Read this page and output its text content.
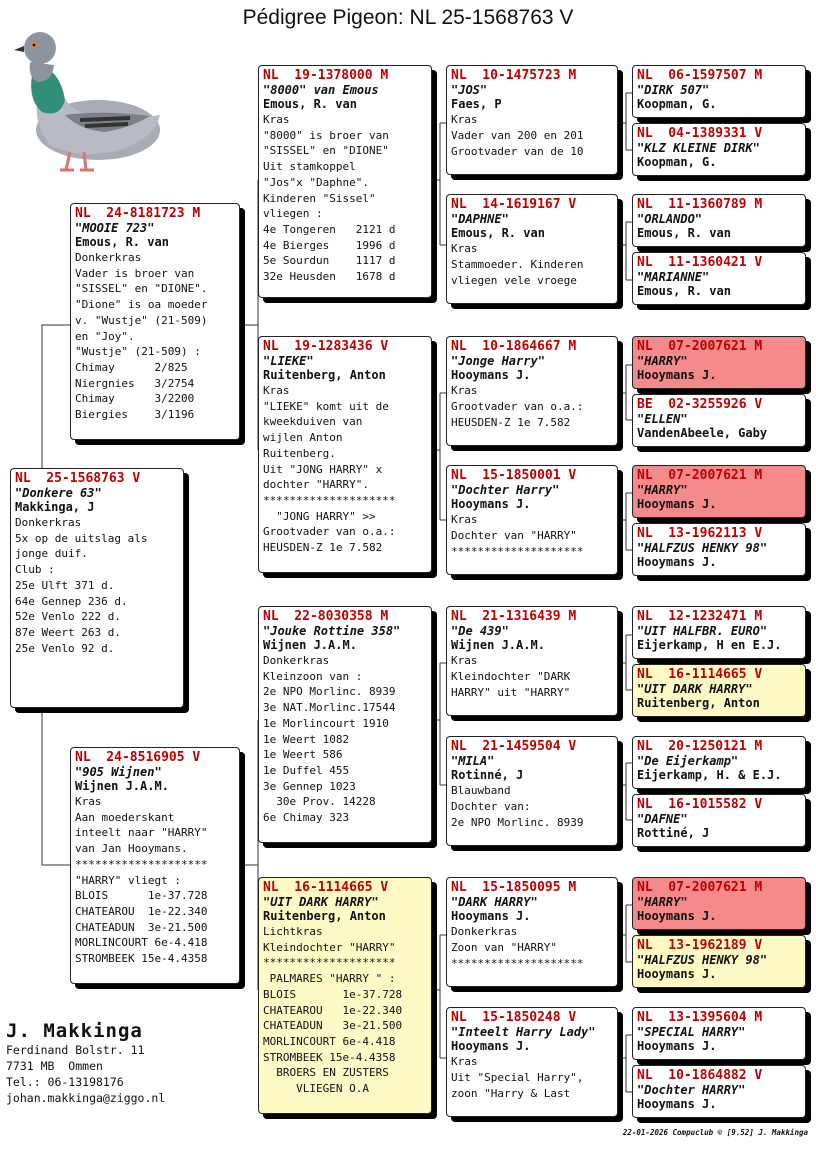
Pédigree Pigeon: NL 25-1568763 V
NL  25-1568763 V
"Donkere 63"
Makkinga, J
Donkerkras
5x op de uitslag als
jonge duif.
Club :
25e Ulft 371 d.
64e Gennep 236 d.
52e Venlo 222 d.
87e Weert 263 d.
25e Venlo 92 d.
NL  24-8181723 M
"MOOIE 723"
Emous, R. van
Donkerkras
Vader is broer van
"SISSEL" en "DIONE".
"Dione" is oa moeder
v. "Wustje" (21-509)
en "Joy".
"Wustje" (21-509) :
Chimay      2/825
Niergnies   3/2754
Chimay      3/2200
Biergies    3/1196
NL  24-8516905 V
"905 Wijnen"
Wijnen J.A.M.
Kras
Aan moederskant
inteelt naar "HARRY"
van Jan Hooymans.
********************
"HARRY" vliegt :
BLOIS      1e-37.728
CHATEAROU  1e-22.340
CHATEADUN  3e-21.500
MORLINCOURT 6e-4.418
STROMBEEK 15e-4.4358
NL  19-1378000 M
"8000" van Emous
Emous, R. van
Kras
"8000" is broer van
"SISSEL" en "DIONE"
Uit stamkoppel
"Jos"x "Daphne".
Kinderen "Sissel"
vliegen :
4e Tongeren   2121 d
4e Bierges    1996 d
5e Sourdun    1117 d
32e Heusden   1678 d
NL  19-1283436 V
"LIEKE"
Ruitenberg, Anton
Kras
"LIEKE" komt uit de
kweekduiven van
wijlen Anton
Ruitenberg.
Uit "JONG HARRY" x
dochter "HARRY".
********************
"JONG HARRY" >>
Grootvader van o.a.:
HEUSDEN-Z 1e 7.582
NL  22-8030358 M
"Jouke Rottine 358"
Wijnen J.A.M.
Donkerkras
Kleinzoon van :
2e NPO Morlinc. 8939
3e NAT.Morlinc.17544
1e Morlincourt 1910
1e Weert 1082
1e Weert 586
1e Duffel 455
3e Gennep 1023
30e Prov. 14228
6e Chimay 323
NL  16-1114665 V
"UIT DARK HARRY"
Ruitenberg, Anton
Lichtkras
Kleindochter "HARRY"
********************
PALMARES "HARRY " :
BLOIS       1e-37.728
CHATEAROU   1e-22.340
CHATEADUN   3e-21.500
MORLINCOURT 6e-4.418
STROMBEEK 15e-4.4358
BROERS EN ZUSTERS
VLIEGEN O.A
NL  10-1475723 M
"JOS"
Faes, P
Kras
Vader van 200 en 201
Grootvader van de 10
NL  14-1619167 V
"DAPHNE"
Emous, R. van
Kras
Stammoeder. Kinderen
vliegen vele vroege
NL  10-1864667 M
"Jonge Harry"
Hooymans J.
Kras
Grootvader van o.a.:
HEUSDEN-Z 1e 7.582
NL  15-1850001 V
"Dochter Harry"
Hooymans J.
Kras
Dochter van "HARRY"
********************
NL  21-1316439 M
"De 439"
Wijnen J.A.M.
Kras
Kleindochter "DARK
HARRY" uit "HARRY"
NL  21-1459504 V
"MILA"
Rotinné, J
Blauwband
Dochter van:
2e NPO Morlinc. 8939
NL  15-1850095 M
"DARK HARRY"
Hooymans J.
Donkerkras
Zoon van "HARRY"
********************
NL  15-1850248 V
"Inteelt Harry Lady"
Hooymans J.
Kras
Uit "Special Harry",
zoon "Harry & Last
NL  06-1597507 M
"DIRK 507"
Koopman, G.
NL  04-1389331 V
"KLZ KLEINE DIRK"
Koopman, G.
NL  11-1360789 M
"ORLANDO"
Emous, R. van
NL  11-1360421 V
"MARIANNE"
Emous, R. van
NL  07-2007621 M
"HARRY"
Hooymans J.
BE  02-3255926 V
"ELLEN"
VandenAbeele, Gaby
NL  07-2007621 M
"HARRY"
Hooymans J.
NL  13-1962113 V
"HALFZUS HENKY 98"
Hooymans J.
NL  12-1232471 M
"UIT HALFBR. EURO"
Eijerkamp, H en E.J.
NL  16-1114665 V
"UIT DARK HARRY"
Ruitenberg, Anton
NL  20-1250121 M
"De Eijerkamp"
Eijerkamp, H. & E.J.
NL  16-1015582 V
"DAFNE"
Rottiné, J
NL  07-2007621 M
"HARRY"
Hooymans J.
NL  13-1962189 V
"HALFZUS HENKY 98"
Hooymans J.
NL  13-1395604 M
"SPECIAL HARRY"
Hooymans J.
NL  10-1864882 V
"Dochter HARRY"
Hooymans J.
J. Makkinga
Ferdinand Bolstr. 11
7731 MB  Ommen
Tel.: 06-13198176
johan.makkinga@ziggo.nl
22-01-2026 Compuclub © [9.52] J. Makkinga
